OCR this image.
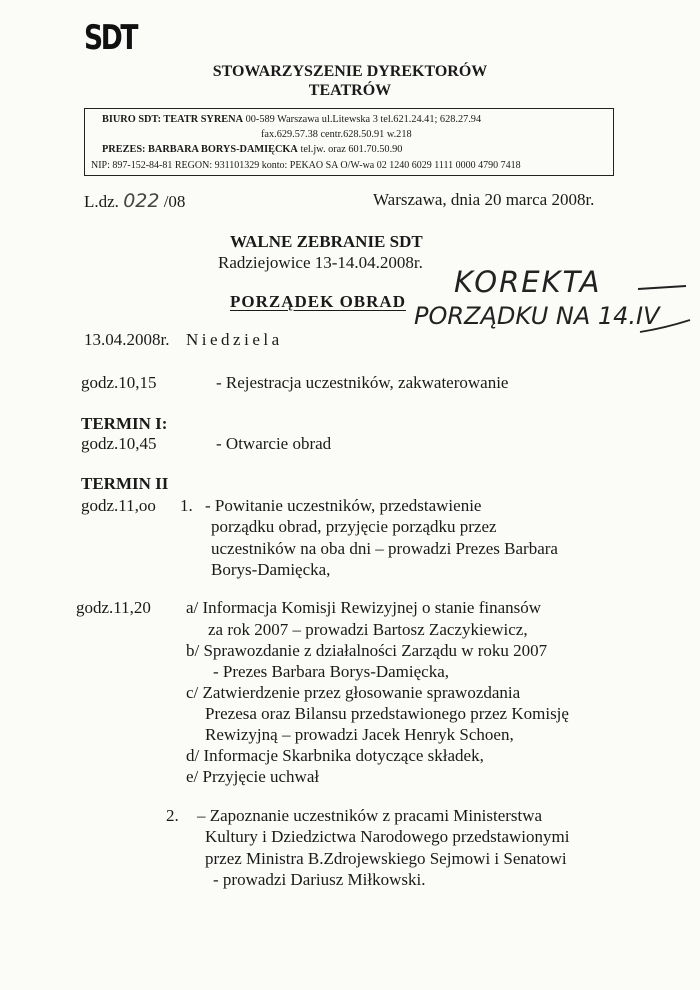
SDT
STOWARZYSZENIE DYREKTORÓW
TEATRÓW
BIURO SDT: TEATR SYRENA 00-589 Warszawa ul.Litewska 3 tel.621.24.41; 628.27.94
fax.629.57.38 centr.628.50.91 w.218
PREZES: BARBARA BORYS-DAMIĘCKA tel.jw. oraz 601.70.50.90
NIP: 897-152-84-81 REGON: 931101329 konto: PEKAO SA O/W-wa 02 1240 6029 1111 0000 4790 7418
L.dz. 022 /08	Warszawa, dnia 20 marca 2008r.
WALNE ZEBRANIE SDT
Radziejowice 13-14.04.2008r.
PORZĄDEK OBRAD
KOREKTA
PORZĄDKU NA 14.IV
13.04.2008r. Niedziela
godz.10,15	- Rejestracja uczestników, zakwaterowanie
TERMIN I:
godz.10,45	- Otwarcie obrad
TERMIN II
godz.11,oo 1. - Powitanie uczestników, przedstawienie
porządku obrad, przyjęcie porządku przez
uczestników na oba dni – prowadzi Prezes Barbara
Borys-Damięcka,
godz.11,20 a/ Informacja Komisji Rewizyjnej o stanie finansów
za rok 2007 – prowadzi Bartosz Zaczykiewicz,
b/ Sprawozdanie z działalności Zarządu w roku 2007
- Prezes Barbara Borys-Damięcka,
c/ Zatwierdzenie przez głosowanie sprawozdania
Prezesa oraz Bilansu przedstawionego przez Komisję
Rewizyjną – prowadzi Jacek Henryk Schoen,
d/ Informacje Skarbnika dotyczące składek,
e/ Przyjęcie uchwał
2. – Zapoznanie uczestników z pracami Ministerstwa
Kultury i Dziedzictwa Narodowego przedstawionymi
przez Ministra B.Zdrojewskiego Sejmowi i Senatowi
- prowadzi Dariusz Miłkowski.
